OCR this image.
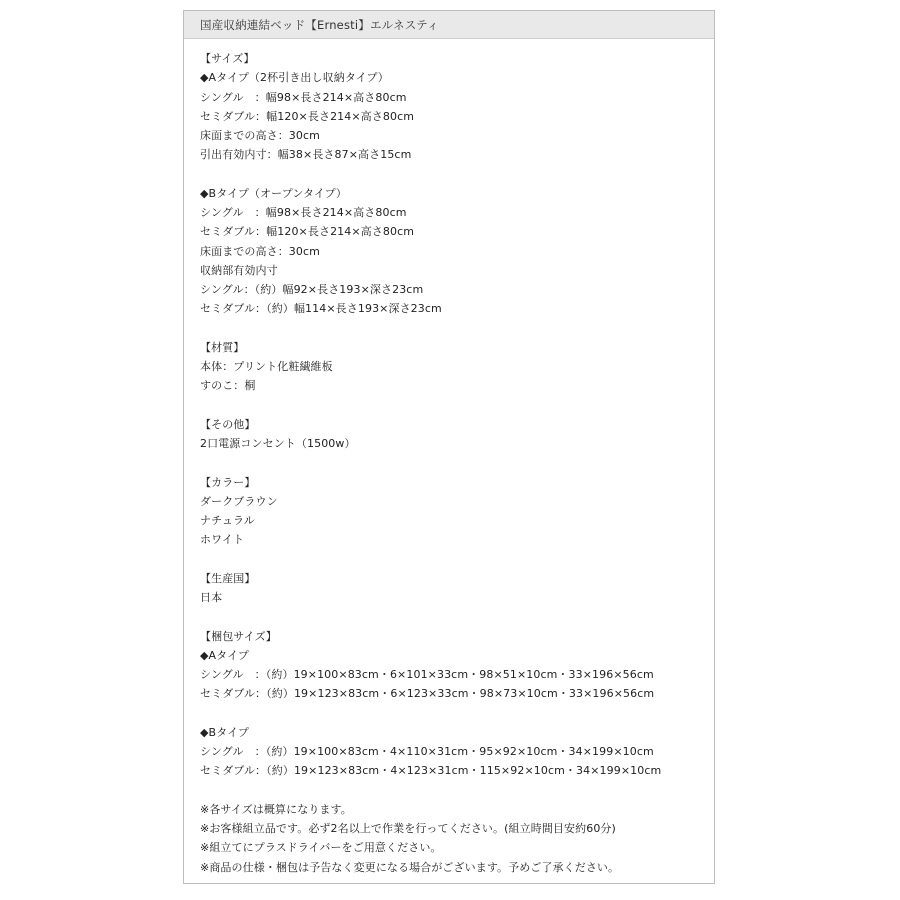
国産収納連結ベッド【Ernesti】エルネスティ
【サイズ】
◆Aタイプ（2杯引き出し収納タイプ）
シングル　：幅98×長さ214×高さ80cm
セミダブル：幅120×長さ214×高さ80cm
床面までの高さ：30cm
引出有効内寸：幅38×長さ87×高さ15cm

◆Bタイプ（オープンタイプ）
シングル　：幅98×長さ214×高さ80cm
セミダブル：幅120×長さ214×高さ80cm
床面までの高さ：30cm
収納部有効内寸
シングル：（約）幅92×長さ193×深さ23cm
セミダブル：（約）幅114×長さ193×深さ23cm

【材質】
本体：プリント化粧繊維板
すのこ：桐

【その他】
2口電源コンセント（1500w）

【カラー】
ダークブラウン
ナチュラル
ホワイト

【生産国】
日本

【梱包サイズ】
◆Aタイプ
シングル　：（約）19×100×83cm・6×101×33cm・98×51×10cm・33×196×56cm
セミダブル：（約）19×123×83cm・6×123×33cm・98×73×10cm・33×196×56cm

◆Bタイプ
シングル　：（約）19×100×83cm・4×110×31cm・95×92×10cm・34×199×10cm
セミダブル：（約）19×123×83cm・4×123×31cm・115×92×10cm・34×199×10cm

※各サイズは概算になります。
※お客様組立品です。必ず2名以上で作業を行ってください。(組立時間目安約60分)
※組立てにプラスドライバーをご用意ください。
※商品の仕様・梱包は予告なく変更になる場合がございます。予めご了承ください。
